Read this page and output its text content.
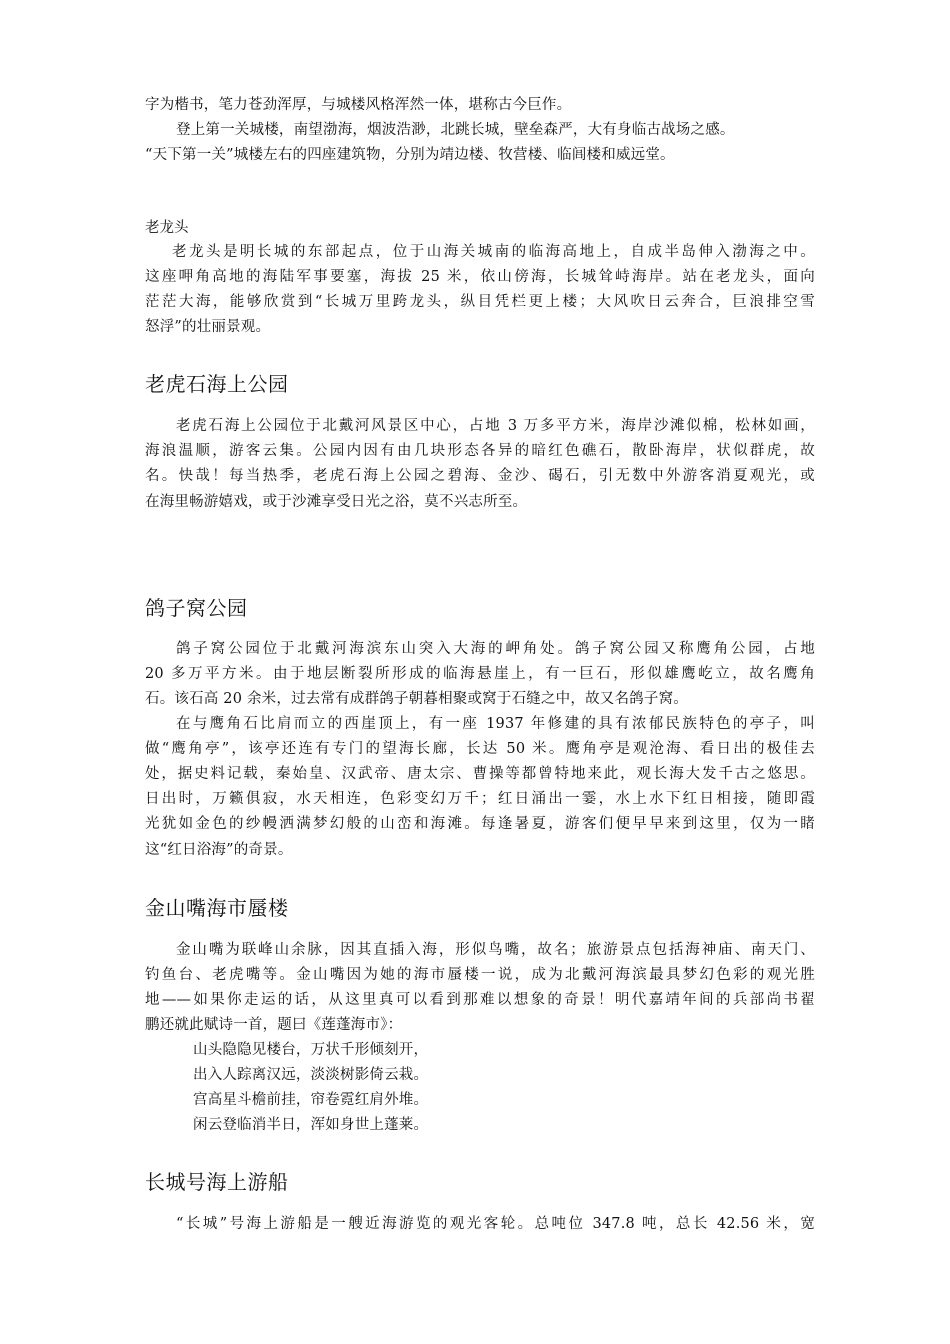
字为楷书，笔力苍劲浑厚，与城楼风格浑然一体，堪称古今巨作。
登上第一关城楼，南望渤海，烟波浩渺，北跳长城，壁垒森严，大有身临古战场之感。
“天下第一关”城楼左右的四座建筑物，分别为靖边楼、牧营楼、临闾楼和威远堂。
老龙头
老龙头是明长城的东部起点，位于山海关城南的临海高地上，自成半岛伸入渤海之中。
这座呷角高地的海陆军事要塞，海拔 25 米，依山傍海，长城耸峙海岸。站在老龙头，面向
茫茫大海，能够欣赏到“长城万里跨龙头，纵目凭栏更上楼；大风吹日云奔合，巨浪排空雪
怒浮”的壮丽景观。
老虎石海上公园
老虎石海上公园位于北戴河风景区中心，占地 3 万多平方米，海岸沙滩似棉，松林如画，
海浪温顺，游客云集。公园内因有由几块形态各异的暗红色礁石，散卧海岸，状似群虎，故
名。快哉！每当热季，老虎石海上公园之碧海、金沙、碣石，引无数中外游客消夏观光，或
在海里畅游嬉戏，或于沙滩享受日光之浴，莫不兴志所至。
鸽子窝公园
鸽子窝公园位于北戴河海滨东山突入大海的岬角处。鸽子窝公园又称鹰角公园，占地
20 多万平方米。由于地层断裂所形成的临海悬崖上，有一巨石，形似雄鹰屹立，故名鹰角
石。该石高 20 余米，过去常有成群鸽子朝暮相聚或窝于石缝之中，故又名鸽子窝。
在与鹰角石比肩而立的西崖顶上，有一座 1937 年修建的具有浓郁民族特色的亭子，叫
做“鹰角亭”，该亭还连有专门的望海长廊，长达 50 米。鹰角亭是观沧海、看日出的极佳去
处，据史料记载，秦始皇、汉武帝、唐太宗、曹操等都曾特地来此，观长海大发千古之悠思。
日出时，万籁俱寂，水天相连，色彩变幻万千；红日涌出一霎，水上水下红日相接，随即霞
光犹如金色的纱幔洒满梦幻般的山峦和海滩。每逢暑夏，游客们便早早来到这里，仅为一睹
这“红日浴海”的奇景。
金山嘴海市蜃楼
金山嘴为联峰山余脉，因其直插入海，形似鸟嘴，故名；旅游景点包括海神庙、南天门、
钓鱼台、老虎嘴等。金山嘴因为她的海市蜃楼一说，成为北戴河海滨最具梦幻色彩的观光胜
地——如果你走运的话，从这里真可以看到那难以想象的奇景！明代嘉靖年间的兵部尚书翟
鹏还就此赋诗一首，题曰《莲蓬海市》：
山头隐隐见楼台，万状千形倾刻开，
出入人踪离汉远，淡淡树影倚云栽。
宫高星斗檐前挂，帘卷霓红肩外堆。
闲云登临消半日，浑如身世上蓬莱。
长城号海上游船
“长城”号海上游船是一艘近海游览的观光客轮。总吨位 347.8 吨，总长 42.56 米，宽
